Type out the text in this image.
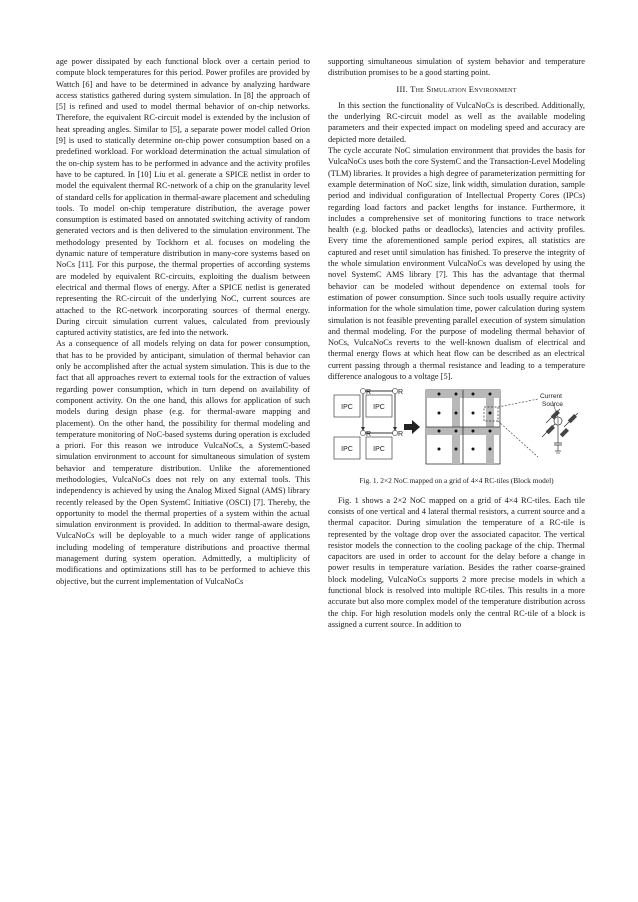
age power dissipated by each functional block over a certain period to compute block temperatures for this period. Power profiles are provided by Wattch [6] and have to be determined in advance by analyzing hardware access statistics gathered during system simulation. In [8] the approach of [5] is refined and used to model thermal behavior of on-chip networks. Therefore, the equivalent RC-circuit model is extended by the inclusion of heat spreading angles. Similar to [5], a separate power model called Orion [9] is used to statically determine on-chip power consumption based on a predefined workload. For workload determination the actual simulation of the on-chip system has to be performed in advance and the activity profiles have to be captured. In [10] Liu et al. generate a SPICE netlist in order to model the equivalent thermal RC-network of a chip on the granularity level of standard cells for application in thermal-aware placement and scheduling tools. To model on-chip temperature distribution, the average power consumption is estimated based on annotated switching activity of random generated vectors and is then delivered to the simulation environment. The methodology presented by Tockhorn et al. focuses on modeling the dynamic nature of temperature distribution in many-core systems based on NoCs [11]. For this purpose, the thermal properties of according systems are modeled by equivalent RC-circuits, exploiting the dualism between electrical and thermal flows of energy. After a SPICE netlist is generated representing the RC-circuit of the underlying NoC, current sources are attached to the RC-network incorporating sources of thermal energy. During circuit simulation current values, calculated from previously captured activity statistics, are fed into the network.

As a consequence of all models relying on data for power consumption, that has to be provided by anticipant, simulation of thermal behavior can only be accomplished after the actual system simulation. This is due to the fact that all approaches revert to external tools for the extraction of values regarding power consumption, which in turn depend on availability of component activity. On the one hand, this allows for application of such models during design phase (e.g. for thermal-aware mapping and placement). On the other hand, the possibility for thermal modeling and temperature monitoring of NoC-based systems during operation is excluded a priori. For this reason we introduce VulcaNoCs, a SystemC-based simulation environment to account for simultaneous simulation of system behavior and temperature distribution. Unlike the aforementioned methodologies, VulcaNoCs does not rely on any external tools. This independency is achieved by using the Analog Mixed Signal (AMS) library recently released by the Open SystemC Initiative (OSCI) [7]. Thereby, the opportunity to model the thermal properties of a system within the actual simulation environment is provided. In addition to thermal-aware design, VulcaNoCs will be deployable to a much wider range of applications including modeling of temperature distributions and proactive thermal management during system operation. Admittedly, a multiplicity of modifications and optimizations still has to be performed to achieve this objective, but the current implementation of VulcaNoCs

supporting simultaneous simulation of system behavior and temperature distribution promises to be a good starting point.

III. The Simulation Environment

In this section the functionality of VulcaNoCs is described. Additionally, the underlying RC-circuit model as well as the available modeling parameters and their expected impact on modeling speed and accuracy are depicted more detailed.

The cycle accurate NoC simulation environment that provides the basis for VulcaNoCs uses both the core SystemC and the Transaction-Level Modeling (TLM) libraries. It provides a high degree of parameterization permitting for example determination of NoC size, link width, simulation duration, sample period and individual configuration of Intellectual Property Cores (IPCs) regarding load factors and packet lengths for instance. Furthermore, it includes a comprehensive set of monitoring functions to trace network health (e.g. blocked paths or deadlocks), latencies and activity profiles. Every time the aforementioned sample period expires, all statistics are captured and reset until simulation has finished. To preserve the integrity of the whole simulation environment VulcaNoCs was developed by using the novel SystemC AMS library [7]. This has the advantage that thermal behavior can be modeled without dependence on external tools for estimation of power consumption. Since such tools usually require activity information for the whole simulation time, power calculation during system simulation is not feasible preventing parallel execution of system simulation and thermal modeling. For the purpose of modeling thermal behavior of NoCs, VulcaNoCs reverts to the well-known dualism of electrical and thermal energy flows at which heat flow can be described as an electrical current passing through a thermal resistance and leading to a temperature difference analogous to a voltage [5].

IPC	IPC
IPC	IPC
R	R
R	R
Current
Source
Fig. 1. 2×2 NoC mapped on a grid of 4×4 RC-tiles (Block model)

Fig. 1 shows a 2×2 NoC mapped on a grid of 4×4 RC-tiles. Each tile consists of one vertical and 4 lateral thermal resistors, a current source and a thermal capacitor. During simulation the temperature of a RC-tile is represented by the voltage drop over the associated capacitor. The vertical resistor models the connection to the cooling package of the chip. Thermal capacitors are used in order to account for the delay before a change in power results in temperature variation. Besides the rather coarse-grained block modeling, VulcaNoCs supports 2 more precise models in which a functional block is resolved into multiple RC-tiles. This results in a more accurate but also more complex model of the temperature distribution across the chip. For high resolution models only the central RC-tile of a block is assigned a current source. In addition to
